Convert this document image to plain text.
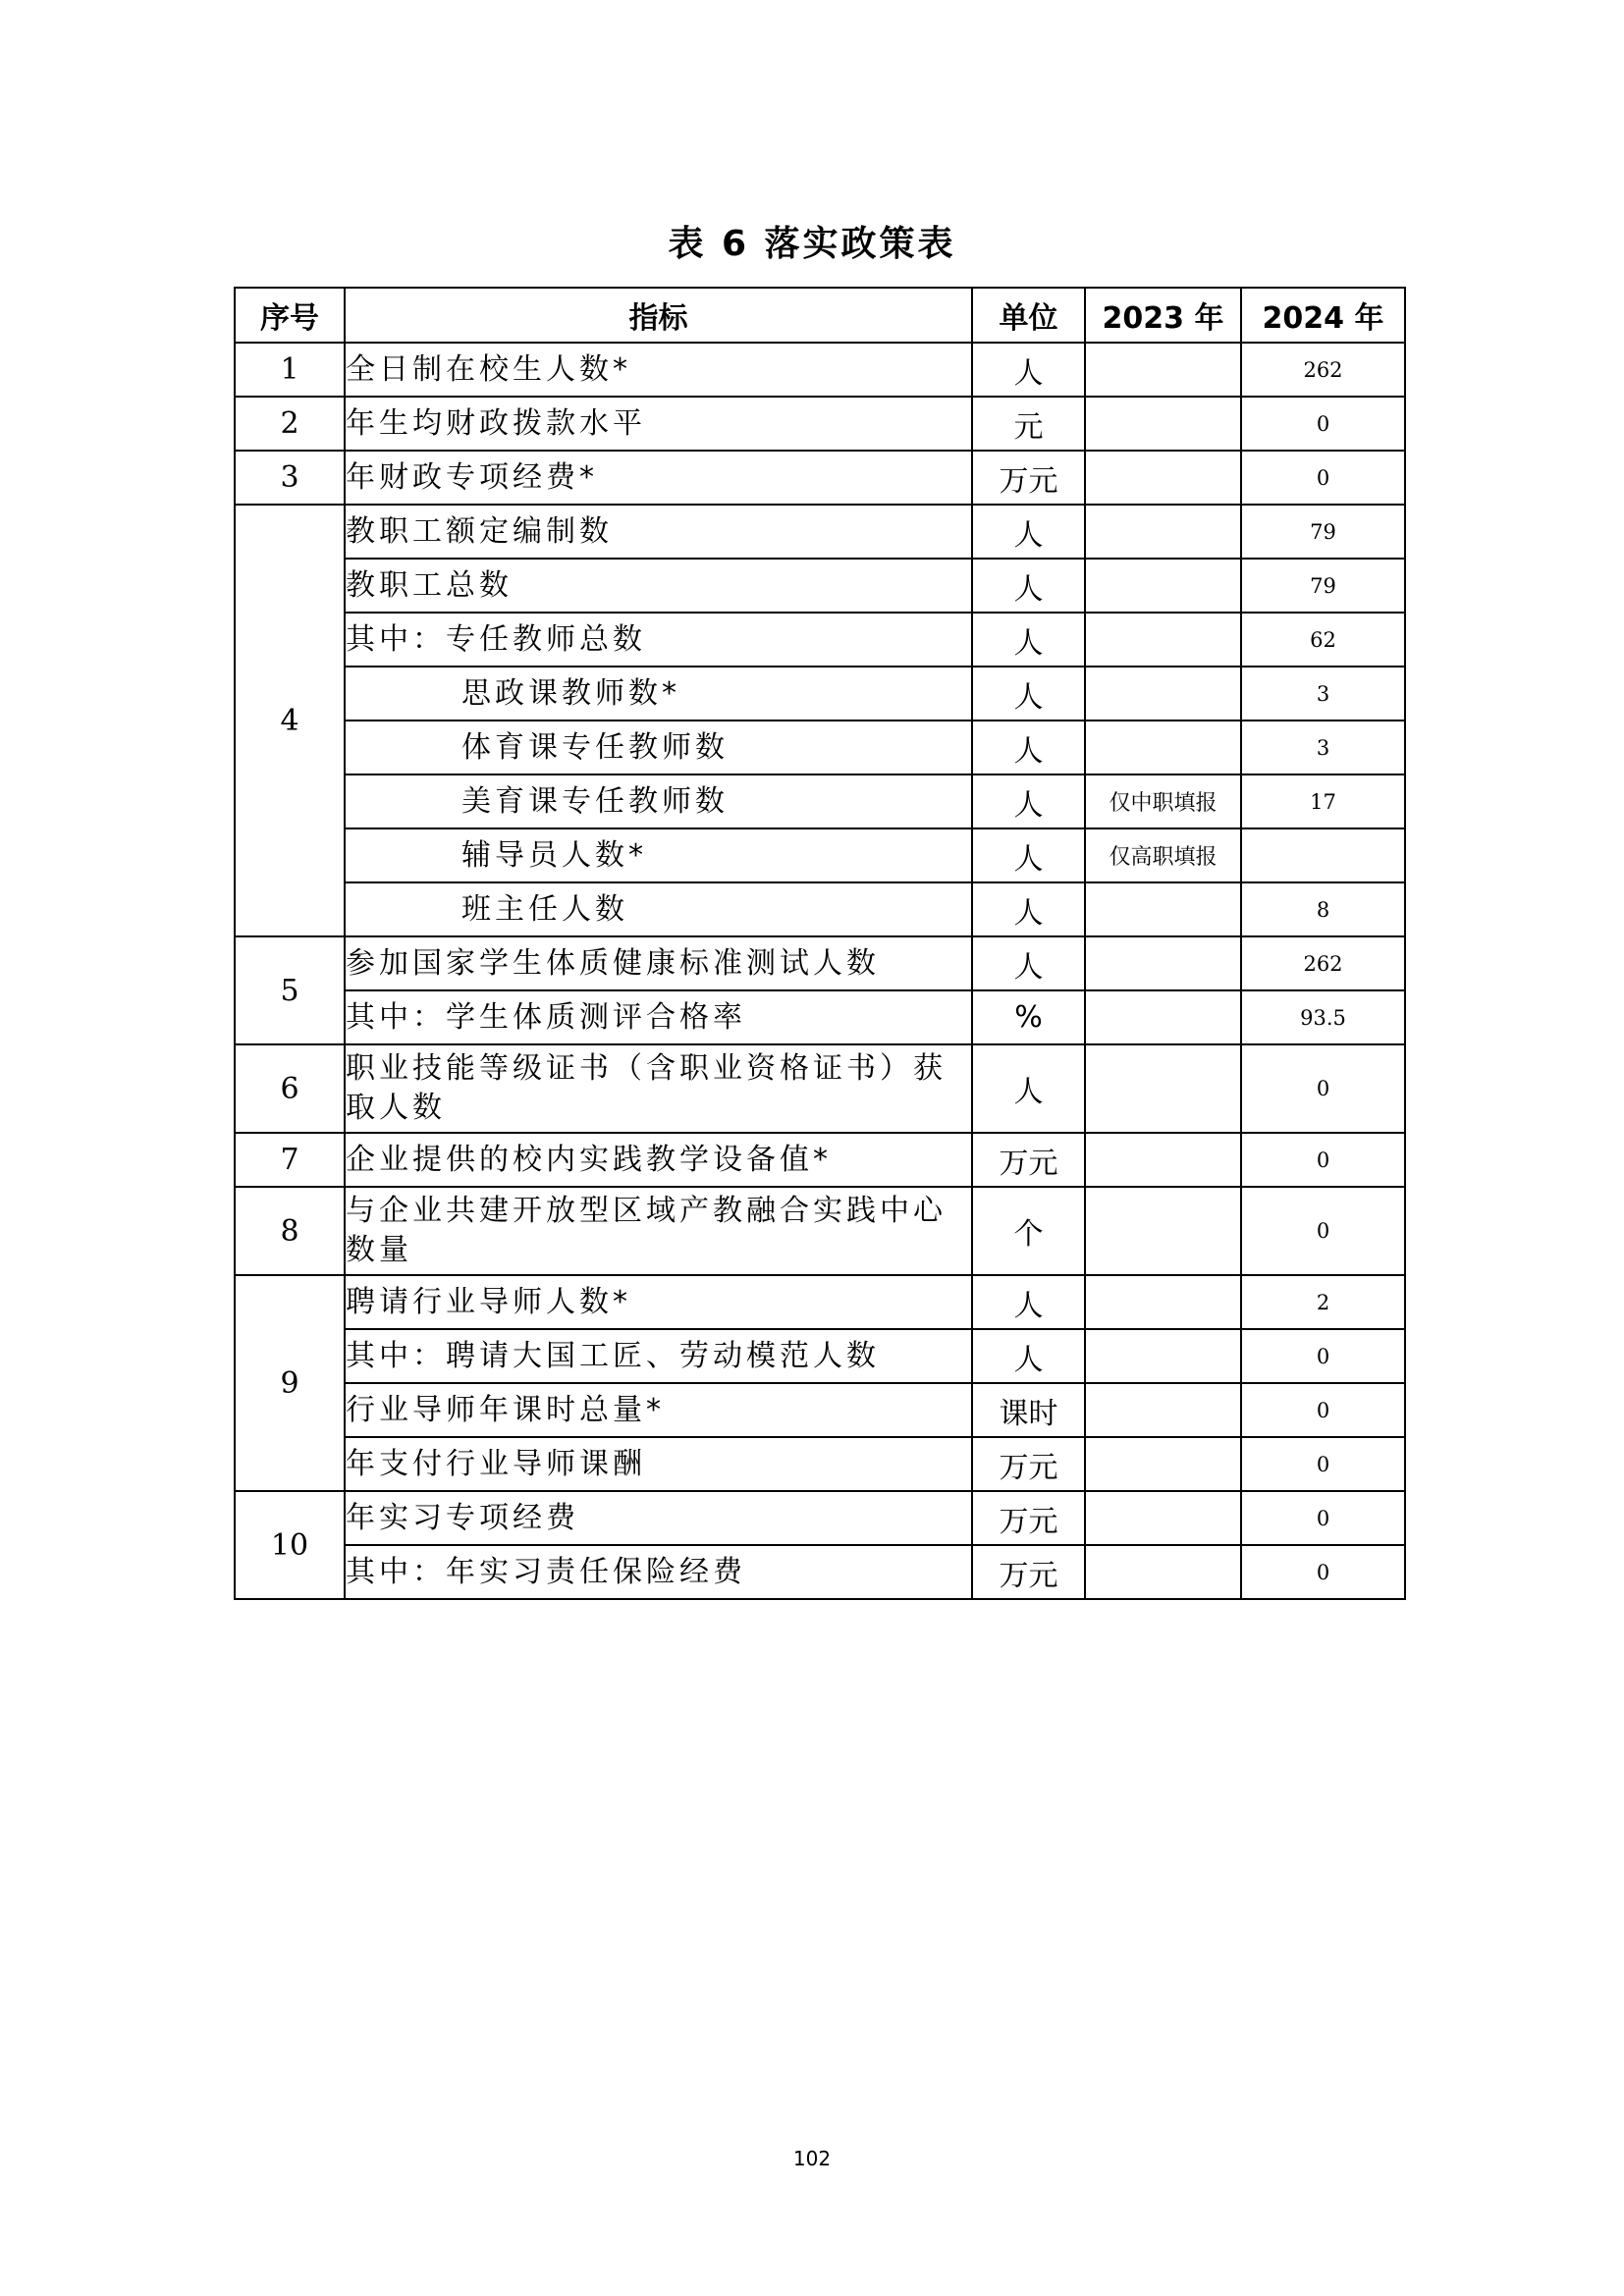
表 6 落实政策表
序号	指标	单位	2023 年	2024 年
1	全日制在校生人数*	人		262
2	年生均财政拨款水平	元		0
3	年财政专项经费*	万元		0
4	教职工额定编制数	人		79
	教职工总数	人		79
	其中：专任教师总数	人		62
	思政课教师数*	人		3
	体育课专任教师数	人		3
	美育课专任教师数	人	仅中职填报	17
	辅导员人数*	人	仅高职填报	
	班主任人数	人		8
5	参加国家学生体质健康标准测试人数	人		262
	其中：学生体质测评合格率	%		93.5
6	职业技能等级证书（含职业资格证书）获取人数	人		0
7	企业提供的校内实践教学设备值*	万元		0
8	与企业共建开放型区域产教融合实践中心数量	个		0
9	聘请行业导师人数*	人		2
	其中：聘请大国工匠、劳动模范人数	人		0
	行业导师年课时总量*	课时		0
	年支付行业导师课酬	万元		0
10	年实习专项经费	万元		0
	其中：年实习责任保险经费	万元		0
102
